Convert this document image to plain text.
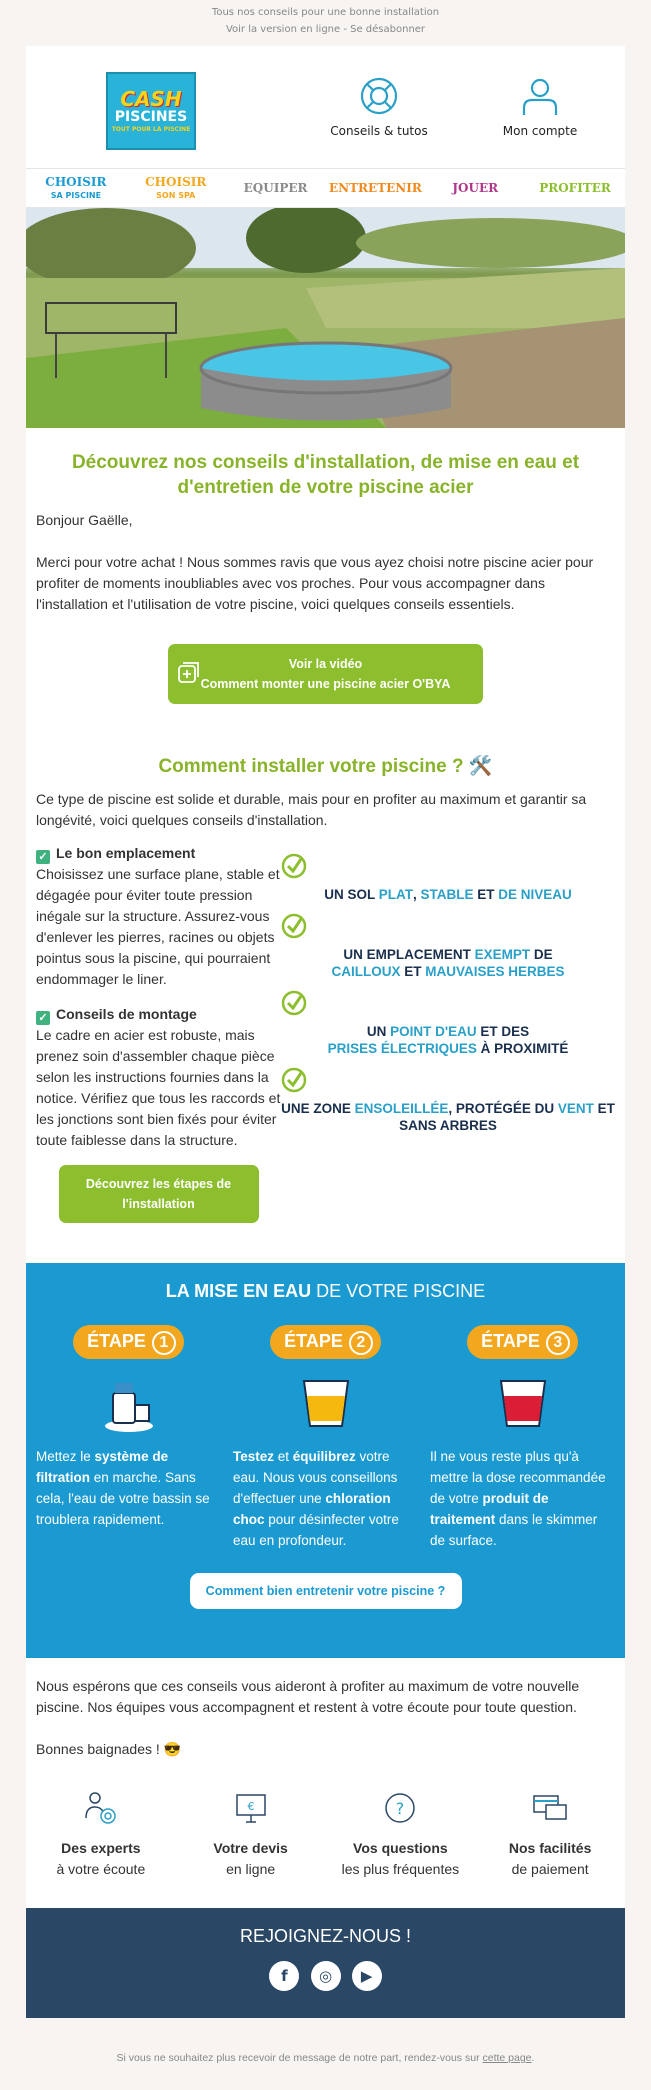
Tous nos conseils pour une bonne installation
Voir la version en ligne - Se désabonner
CASH
PISCINES
TOUT POUR LA PISCINE	Conseils & tutos	Mon compte
CHOISIR
SA PISCINE
CHOISIR
SON SPA
EQUIPER	ENTRETENIR	JOUER	PROFITER
Découvrez nos conseils d'installation, de mise en eau et d'entretien de votre piscine acier

Bonjour Gaëlle,

Merci pour votre achat ! Nous sommes ravis que vous ayez choisi notre piscine acier pour profiter de moments inoubliables avec vos proches. Pour vous accompagner dans l'installation et l'utilisation de votre piscine, voici quelques conseils essentiels.

Voir la vidéo
Comment monter une piscine acier O'BYA
Comment installer votre piscine ? 🛠️

Ce type de piscine est solide et durable, mais pour en profiter au maximum et garantir sa longévité, voici quelques conseils d'installation.

✓ Le bon emplacement

Choisissez une surface plane, stable et dégagée pour éviter toute pression inégale sur la structure. Assurez-vous d'enlever les pierres, racines ou objets pointus sous la piscine, qui pourraient endommager le liner.

✓ Conseils de montage

Le cadre en acier est robuste, mais prenez soin d'assembler chaque pièce selon les instructions fournies dans la notice. Vérifiez que tous les raccords et les jonctions sont bien fixés pour éviter toute faiblesse dans la structure.

Découvrez les étapes de l'installation
UN SOL PLAT, STABLE ET DE NIVEAU
UN EMPLACEMENT EXEMPT DE
CAILLOUX ET MAUVAISES HERBES
UN POINT D'EAU ET DES
PRISES ÉLECTRIQUES À PROXIMITÉ
UNE ZONE ENSOLEILLÉE, PROTÉGÉE DU VENT ET SANS ARBRES
LA MISE EN EAU DE VOTRE PISCINE
ÉTAPE 1
Mettez le système de filtration en marche. Sans cela, l'eau de votre bassin se troublera rapidement.
ÉTAPE 2
Testez et équilibrez votre eau. Nous vous conseillons d'effectuer une chloration choc pour désinfecter votre eau en profondeur.
ÉTAPE 3
Il ne vous reste plus qu'à mettre la dose recommandée de votre produit de traitement dans le skimmer de surface.
Comment bien entretenir votre piscine ?

Nous espérons que ces conseils vous aideront à profiter au maximum de votre nouvelle piscine. Nos équipes vous accompagnent et restent à votre écoute pour toute question.

Bonnes baignades ! 😎

Des experts
à votre écoute
€
Votre devis
en ligne
?
Vos questions
les plus fréquentes
Nos facilités
de paiement
REJOIGNEZ-NOUS !
f ◎ ▶
Si vous ne souhaitez plus recevoir de message de notre part, rendez-vous sur cette page.
